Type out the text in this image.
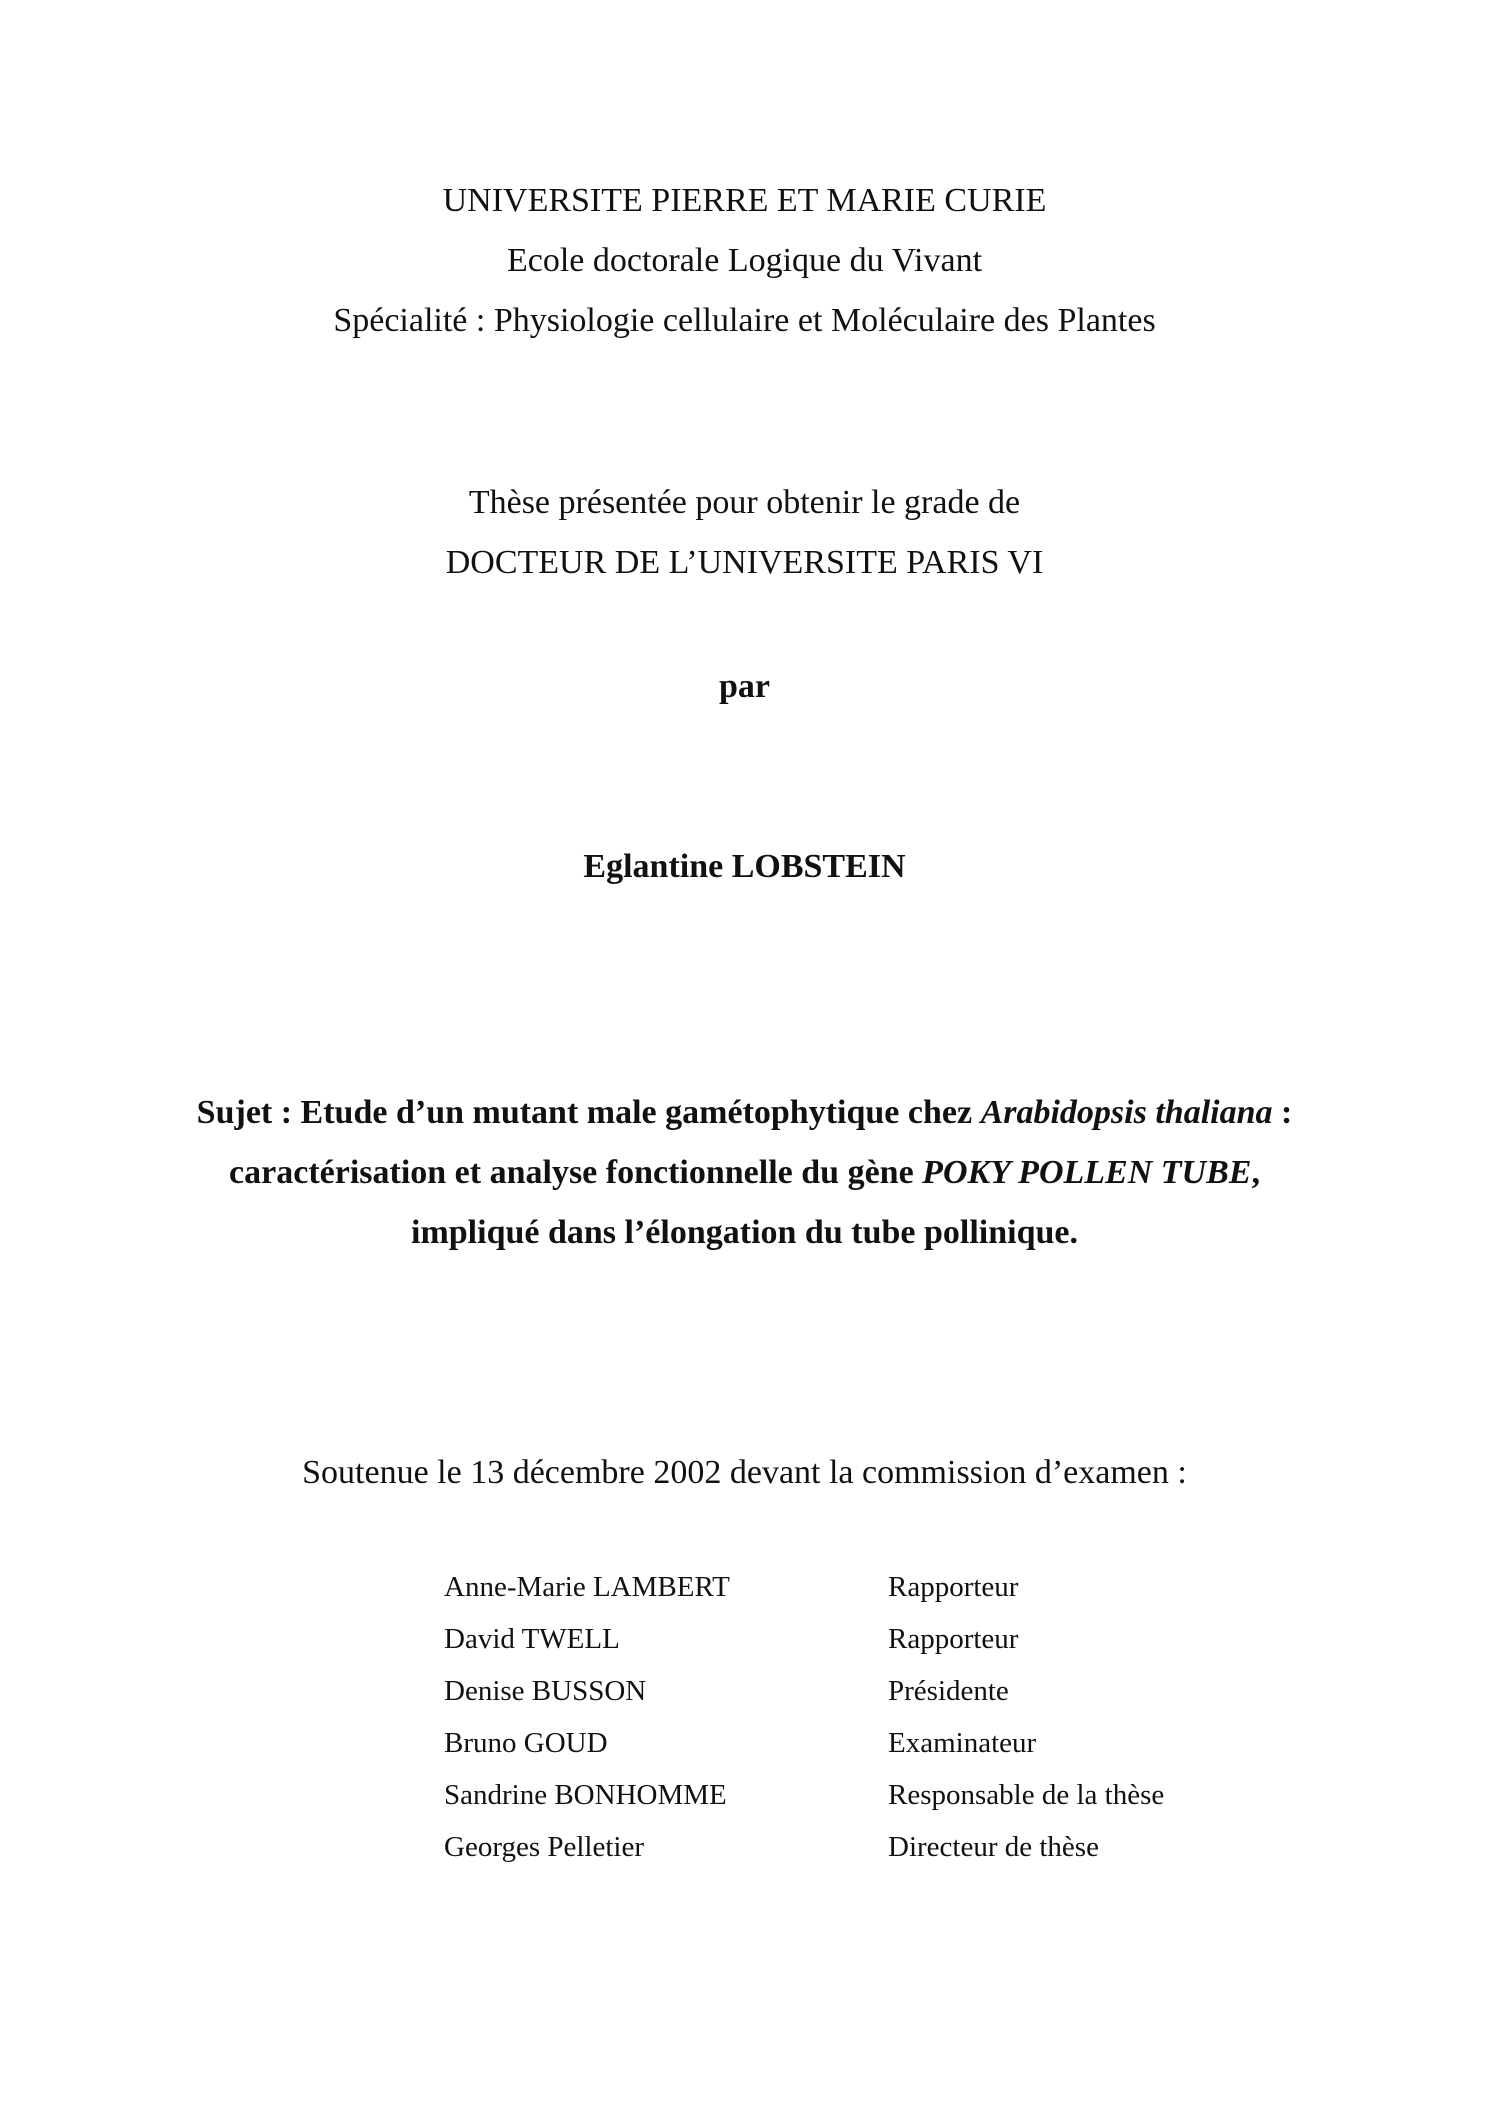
UNIVERSITE PIERRE ET MARIE CURIE
Ecole doctorale Logique du Vivant
Spécialité : Physiologie cellulaire et Moléculaire des Plantes
Thèse présentée pour obtenir le grade de
DOCTEUR DE L’UNIVERSITE PARIS VI
par
Eglantine LOBSTEIN
Sujet : Etude d’un mutant male gamétophytique chez Arabidopsis thaliana :
caractérisation et analyse fonctionnelle du gène POKY POLLEN TUBE,
impliqué dans l’élongation du tube pollinique.
Soutenue le 13 décembre 2002 devant la commission d’examen :
Anne-Marie LAMBERT	Rapporteur
David TWELL	Rapporteur
Denise BUSSON	Présidente
Bruno GOUD	Examinateur
Sandrine BONHOMME	Responsable de la thèse
Georges Pelletier	Directeur de thèse
